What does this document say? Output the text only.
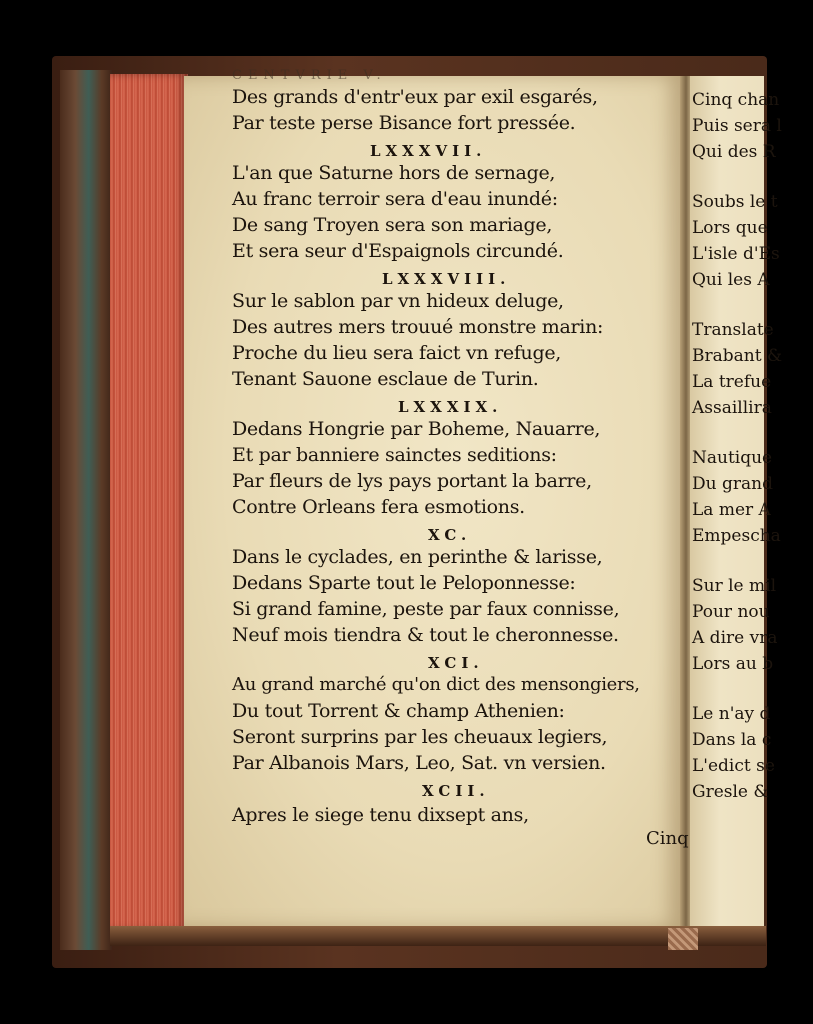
Cinq chan
Puis sera l
Qui des R
Soubs le t
Lors que
L'isle d'Es
Qui les A
Translate
Brabant &
La trefue
Assaillira
Nautique
Du grand
La mer A
Empescha
Sur le mil
Pour nou
A dire vra
Lors au b
Le n'ay d
Dans la c
L'edict se
Gresle &
CENTVRIE V.
Des grands d'entr'eux par exil esgarés,
Par teste perse Bisance fort pressée.
LXXXVII.
L'an que Saturne hors de sernage,
Au franc terroir sera d'eau inundé:
De sang Troyen sera son mariage,
Et sera seur d'Espaignols circundé.
LXXXVIII.
Sur le sablon par vn hideux deluge,
Des autres mers trouué monstre marin:
Proche du lieu sera faict vn refuge,
Tenant Sauone esclaue de Turin.
LXXXIX.
Dedans Hongrie par Boheme, Nauarre,
Et par banniere sainctes seditions:
Par fleurs de lys pays portant la barre,
Contre Orleans fera esmotions.
XC.
Dans le cyclades, en perinthe & larisse,
Dedans Sparte tout le Peloponnesse:
Si grand famine, peste par faux connisse,
Neuf mois tiendra & tout le cheronnesse.
XCI.
Au grand marché qu'on dict des mensongiers,
Du tout Torrent & champ Athenien:
Seront surprins par les cheuaux legiers,
Par Albanois Mars, Leo, Sat. vn versien.
XCII.
Apres le siege tenu dixsept ans,
Cinq
